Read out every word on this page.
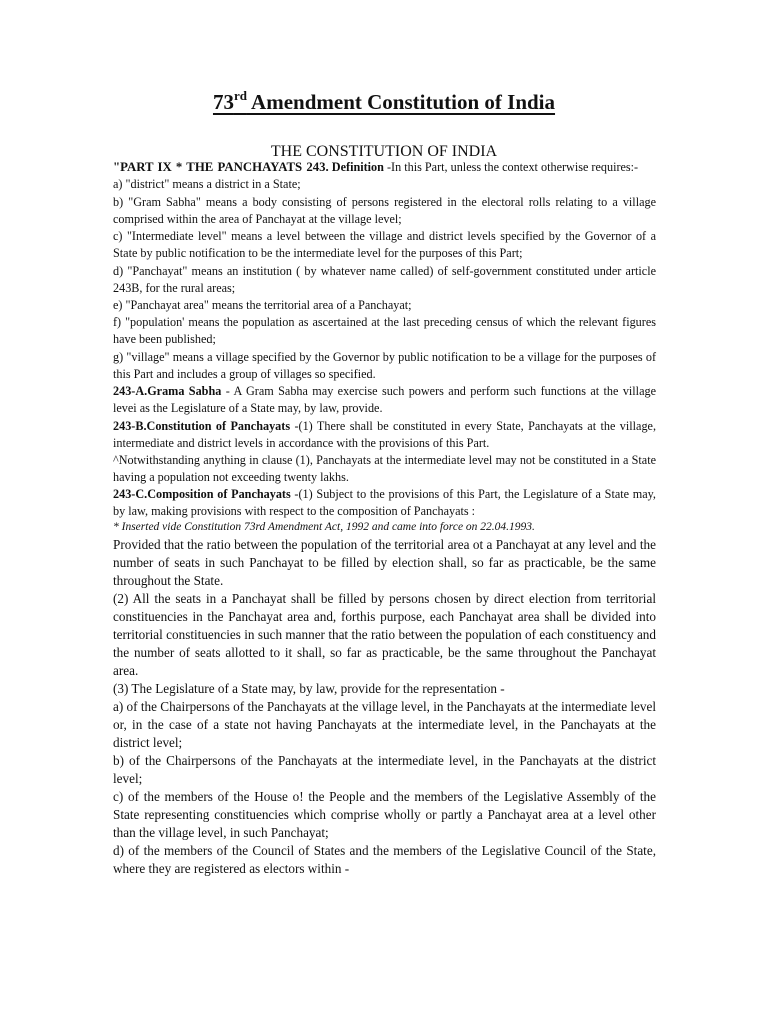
73rd Amendment Constitution of India
THE CONSTITUTION OF INDIA

"PART IX * THE PANCHAYATS 243. Definition -In this Part, unless the context otherwise requires:-

a) "district" means a district in a State;

b) "Gram Sabha" means a body consisting of persons registered in the electoral rolls relating to a village comprised within the area of Panchayat at the village level;

c) "Intermediate level" means a level between the village and district levels specified by the Governor of a State by public notification to be the intermediate level for the purposes of this Part;

d) "Panchayat" means an institution ( by whatever name called) of self-government constituted under article 243B, for the rural areas;

e) "Panchayat area" means the territorial area of a Panchayat;

f) "population' means the population as ascertained at the last preceding census of which the relevant figures have been published;

g) "village" means a village specified by the Governor by public notification to be a village for the purposes of this Part and includes a group of villages so specified.

243-A.Grama Sabha - A Gram Sabha may exercise such powers and perform such functions at the village levei as the Legislature of a State may, by law, provide.

243-B.Constitution of Panchayats -(1) There shall be constituted in every State, Panchayats at the village, intermediate and district levels in accordance with the provisions of this Part.

^Notwithstanding anything in clause (1), Panchayats at the intermediate level may not be constituted in a State having a population not exceeding twenty lakhs.

243-C.Composition of Panchayats -(1) Subject to the provisions of this Part, the Legislature of a State may, by law, making provisions with respect to the composition of Panchayats :

* Inserted vide Constitution 73rd Amendment Act, 1992 and came into force on 22.04.1993.

Provided that the ratio between the population of the territorial area ot a Panchayat at any level and the number of seats in such Panchayat to be filled by election shall, so far as practicable, be the same throughout the State.

(2) All the seats in a Panchayat shall be filled by persons chosen by direct election from territorial constituencies in the Panchayat area and, forthis purpose, each Panchayat area shall be divided into territorial constituencies in such manner that the ratio between the population of each constituency and the number of seats allotted to it shall, so far as practicable, be the same throughout the Panchayat area.

(3) The Legislature of a State may, by law, provide for the representation -

a) of the Chairpersons of the Panchayats at the village level, in the Panchayats at the intermediate level or, in the case of a state not having Panchayats at the intermediate level, in the Panchayats at the district level;

b) of the Chairpersons of the Panchayats at the intermediate level, in the Panchayats at the district level;

c) of the members of the House o! the People and the members of the Legislative Assembly of the State representing constituencies which comprise wholly or partly a Panchayat area at a level other than the village level, in such Panchayat;

d) of the members of the Council of States and the members of the Legislative Council of the State, where they are registered as electors within -
